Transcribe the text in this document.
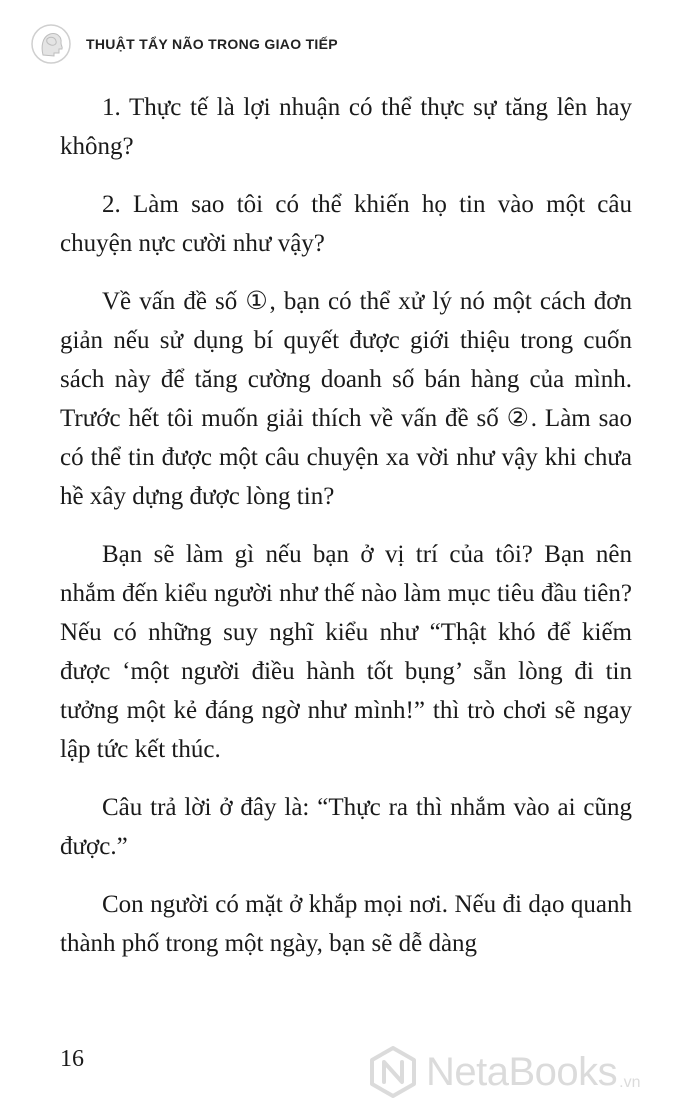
THUẬT TẨY NÃO TRONG GIAO TIẾP

1. Thực tế là lợi nhuận có thể thực sự tăng lên hay không?

2. Làm sao tôi có thể khiến họ tin vào một câu chuyện nực cười như vậy?

Về vấn đề số ①, bạn có thể xử lý nó một cách đơn giản nếu sử dụng bí quyết được giới thiệu trong cuốn sách này để tăng cường doanh số bán hàng của mình. Trước hết tôi muốn giải thích về vấn đề số ②. Làm sao có thể tin được một câu chuyện xa vời như vậy khi chưa hề xây dựng được lòng tin?

Bạn sẽ làm gì nếu bạn ở vị trí của tôi? Bạn nên nhắm đến kiểu người như thế nào làm mục tiêu đầu tiên? Nếu có những suy nghĩ kiểu như “Thật khó để kiếm được ‘một người điều hành tốt bụng’ sẵn lòng đi tin tưởng một kẻ đáng ngờ như mình!” thì trò chơi sẽ ngay lập tức kết thúc.

Câu trả lời ở đây là: “Thực ra thì nhắm vào ai cũng được.”

Con người có mặt ở khắp mọi nơi. Nếu đi dạo quanh thành phố trong một ngày, bạn sẽ dễ dàng

16	NetaBooks .vn
